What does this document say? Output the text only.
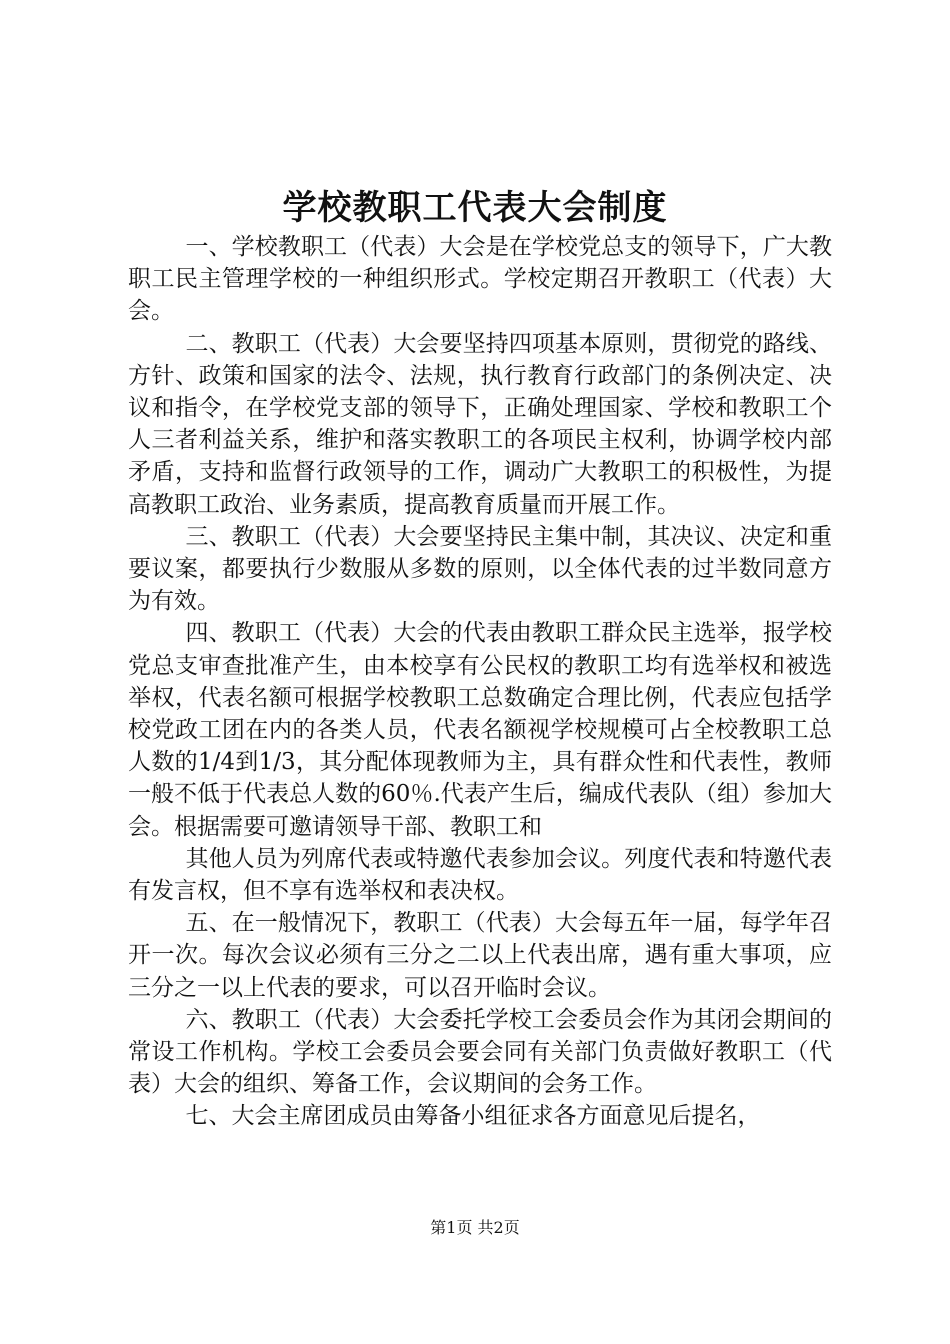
学校教职工代表大会制度

一、学校教职工（代表）大会是在学校党总支的领导下，广大教职工民主管理学校的一种组织形式。学校定期召开教职工（代表）大会。

二、教职工（代表）大会要坚持四项基本原则，贯彻党的路线、方针、政策和国家的法令、法规，执行教育行政部门的条例决定、决议和指令，在学校党支部的领导下，正确处理国家、学校和教职工个人三者利益关系，维护和落实教职工的各项民主权利，协调学校内部矛盾，支持和监督行政领导的工作，调动广大教职工的积极性，为提高教职工政治、业务素质，提高教育质量而开展工作。

三、教职工（代表）大会要坚持民主集中制，其决议、决定和重要议案，都要执行少数服从多数的原则，以全体代表的过半数同意方为有效。

四、教职工（代表）大会的代表由教职工群众民主选举，报学校党总支审查批准产生，由本校享有公民权的教职工均有选举权和被选举权，代表名额可根据学校教职工总数确定合理比例，代表应包括学校党政工团在内的各类人员，代表名额视学校规模可占全校教职工总人数的1/4到1/3，其分配体现教师为主，具有群众性和代表性，教师一般不低于代表总人数的60％.代表产生后，编成代表队（组）参加大会。根据需要可邀请领导干部、教职工和

其他人员为列席代表或特邀代表参加会议。列度代表和特邀代表有发言权，但不享有选举权和表决权。

五、在一般情况下，教职工（代表）大会每五年一届，每学年召开一次。每次会议必须有三分之二以上代表出席，遇有重大事项，应三分之一以上代表的要求，可以召开临时会议。

六、教职工（代表）大会委托学校工会委员会作为其闭会期间的常设工作机构。学校工会委员会要会同有关部门负责做好教职工（代表）大会的组织、筹备工作，会议期间的会务工作。

七、大会主席团成员由筹备小组征求各方面意见后提名，

第1页 共2页
